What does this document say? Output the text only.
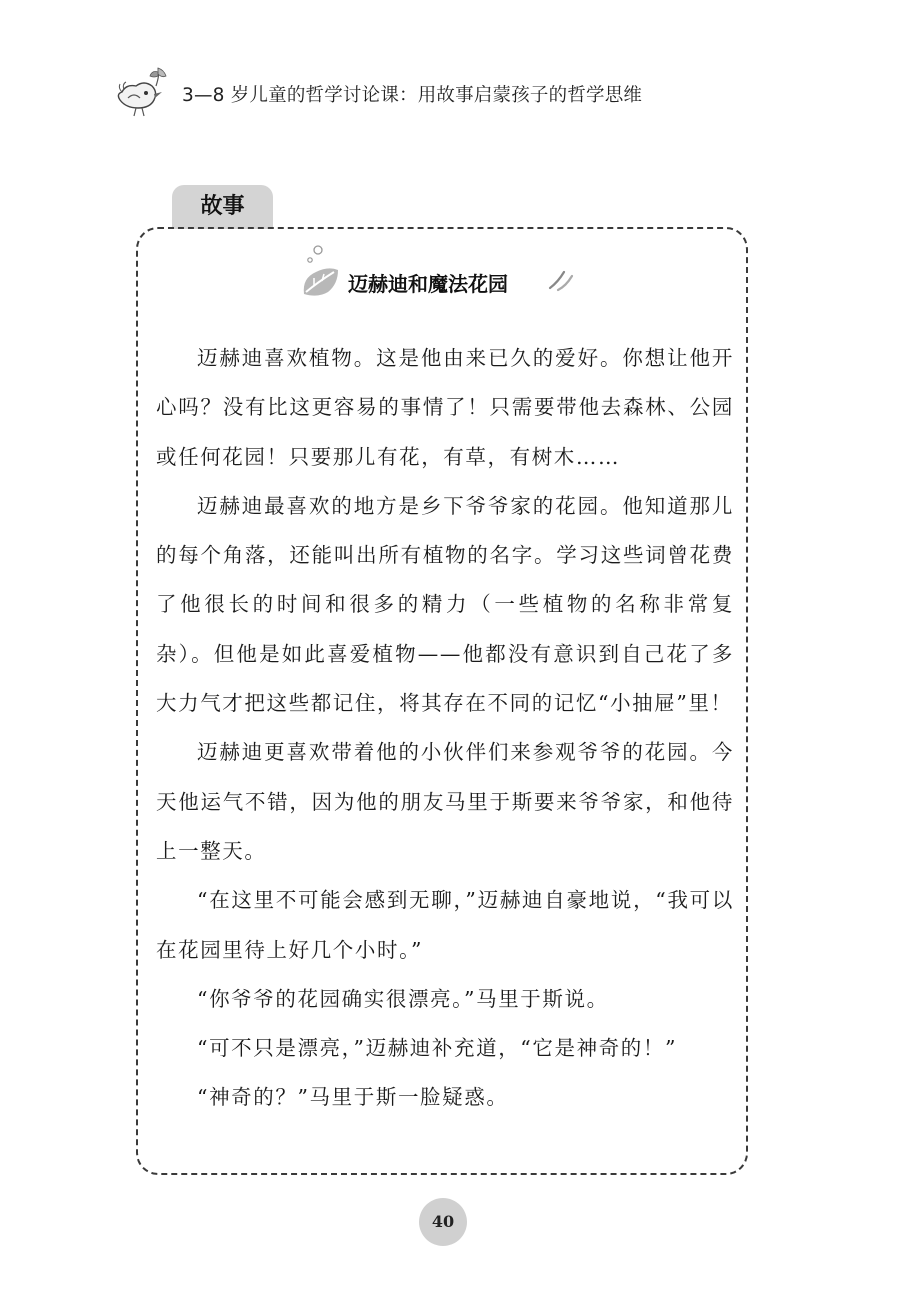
3—8 岁儿童的哲学讨论课：用故事启蒙孩子的哲学思维
故事
迈赫迪和魔法花园

迈赫迪喜欢植物。这是他由来已久的爱好。你想让他开心吗？没有比这更容易的事情了！只需要带他去森林、公园或任何花园！只要那儿有花，有草，有树木……

迈赫迪最喜欢的地方是乡下爷爷家的花园。他知道那儿的每个角落，还能叫出所有植物的名字。学习这些词曾花费了他很长的时间和很多的精力（一些植物的名称非常复杂）。但他是如此喜爱植物——他都没有意识到自己花了多大力气才把这些都记住，将其存在不同的记忆“小抽屉”里！

迈赫迪更喜欢带着他的小伙伴们来参观爷爷的花园。今天他运气不错，因为他的朋友马里于斯要来爷爷家，和他待上一整天。

“在这里不可能会感到无聊，”迈赫迪自豪地说，“我可以在花园里待上好几个小时。”

“你爷爷的花园确实很漂亮。”马里于斯说。

“可不只是漂亮，”迈赫迪补充道，“它是神奇的！”

“神奇的？”马里于斯一脸疑惑。

40
